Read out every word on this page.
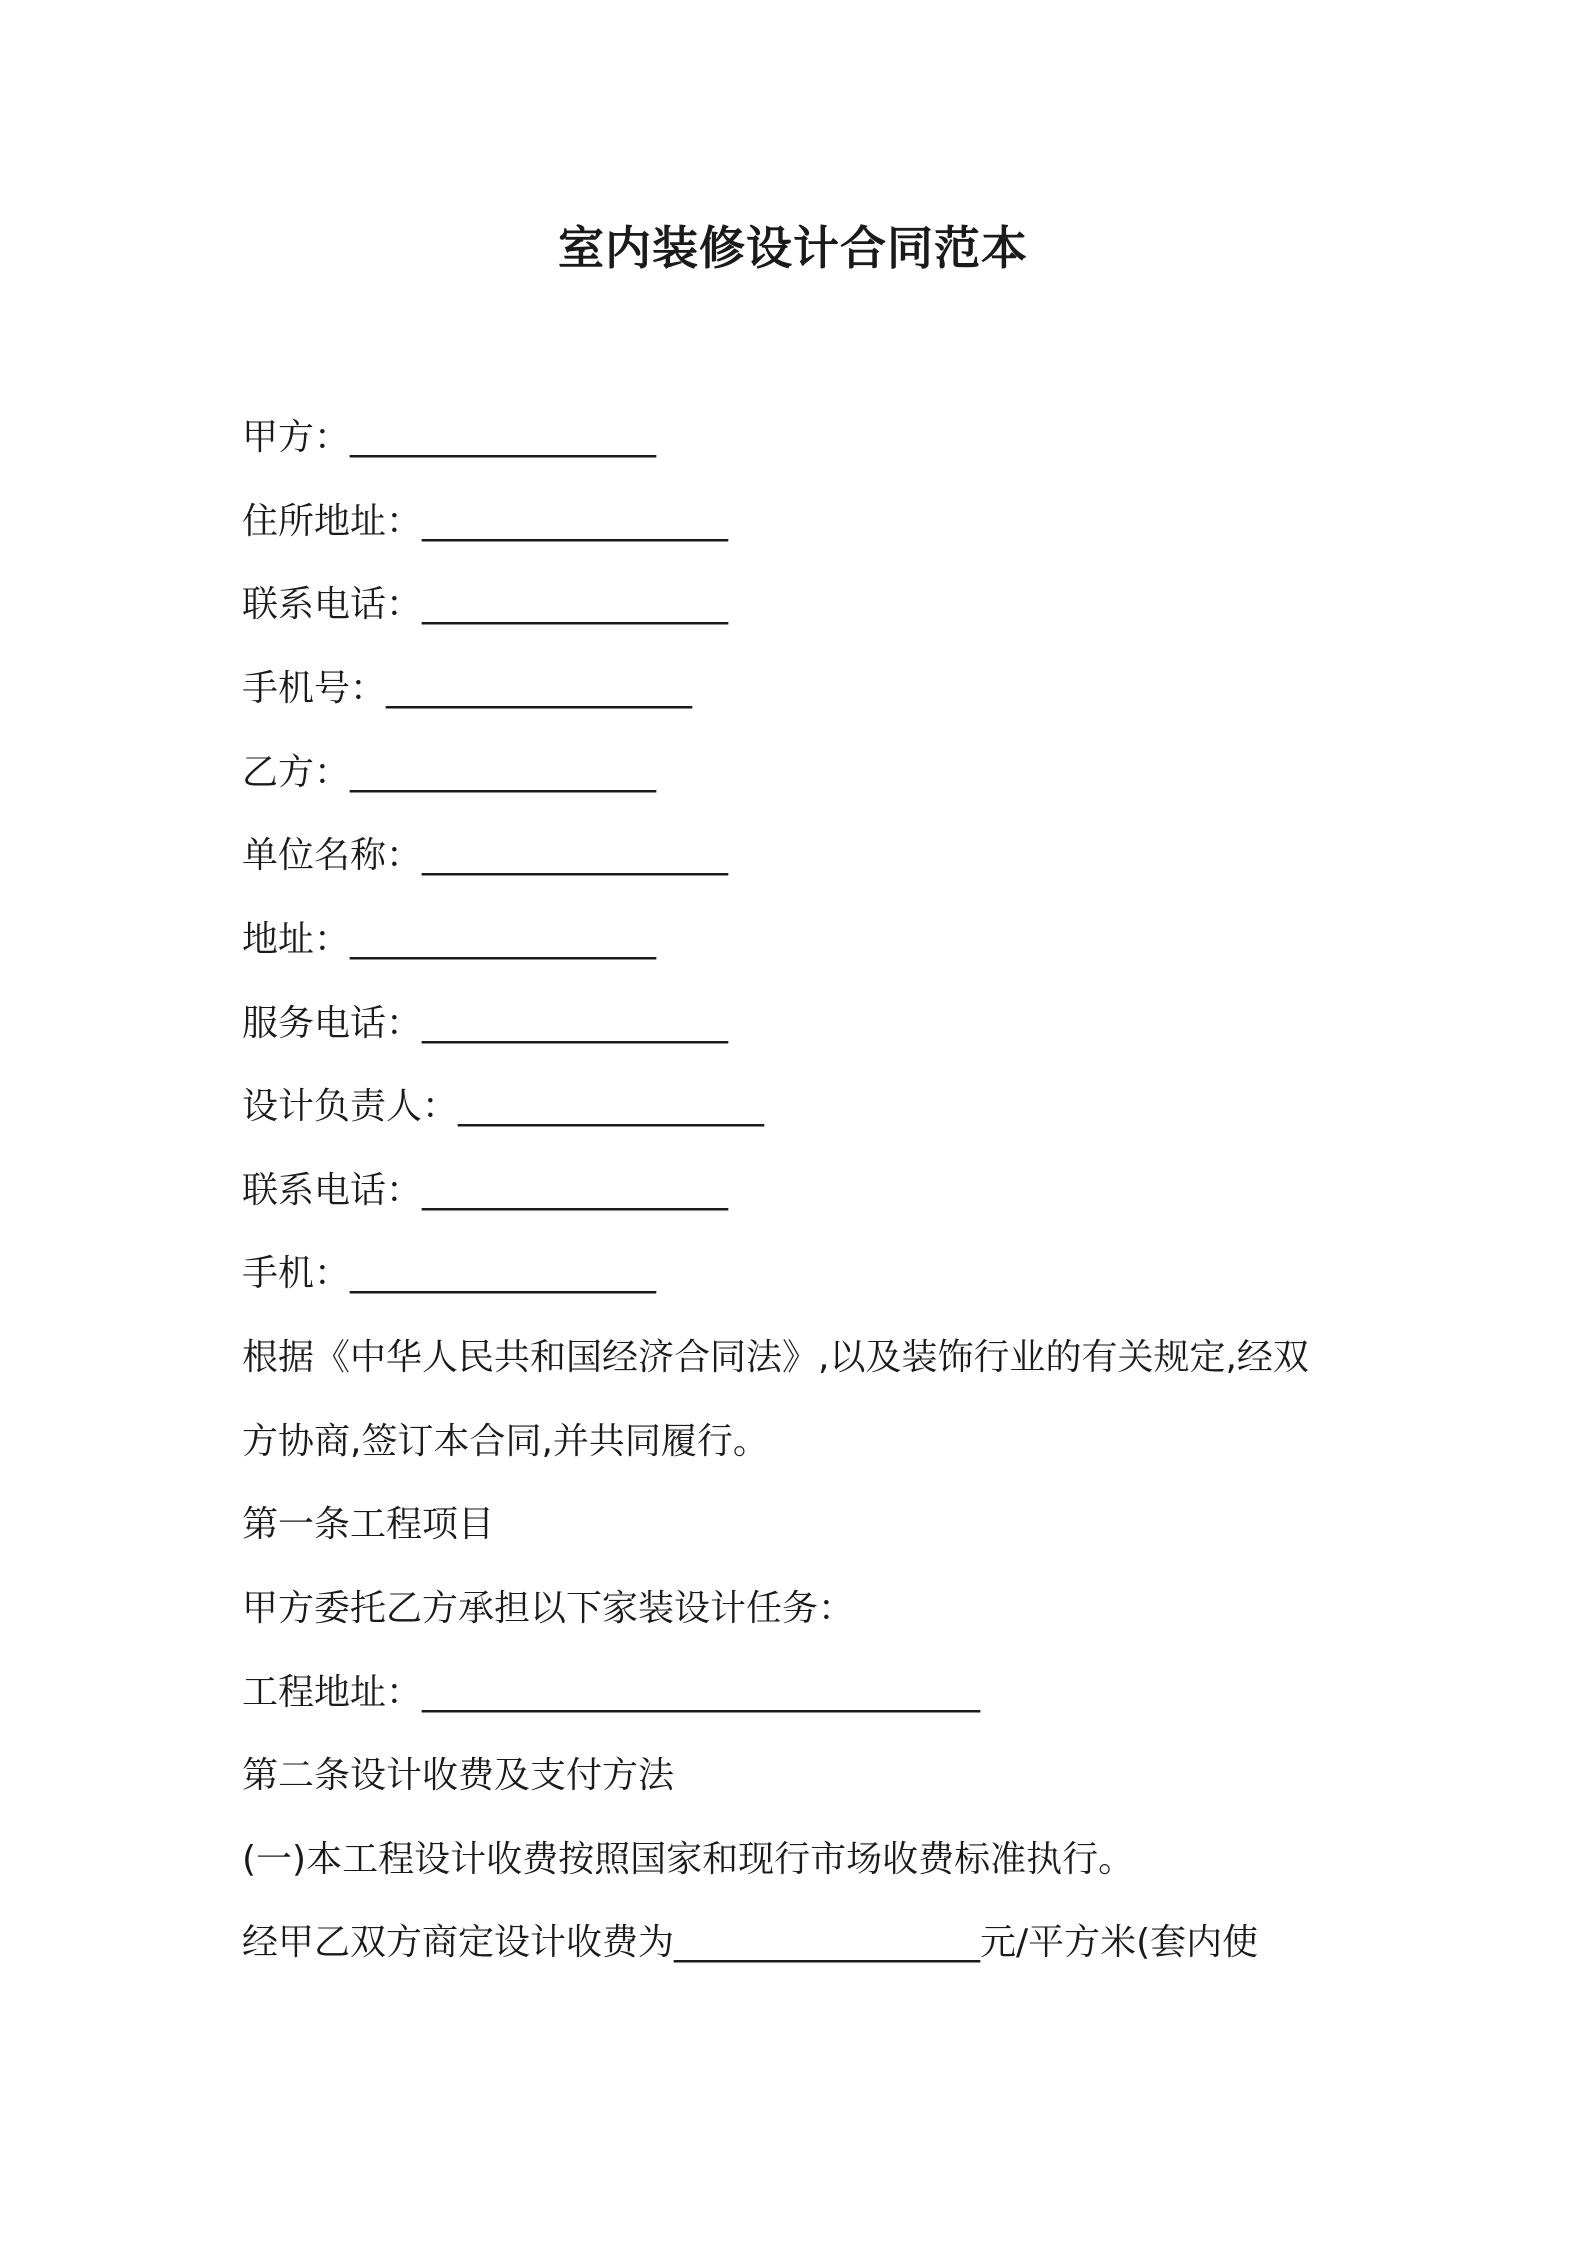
室内装修设计合同范本

甲方：_________________

住所地址：_________________

联系电话：_________________

手机号：_________________

乙方：_________________

单位名称：_________________

地址：_________________

服务电话：_________________

设计负责人：_________________

联系电话：_________________

手机：_________________

根据《中华人民共和国经济合同法》,以及装饰行业的有关规定,经双

方协商,签订本合同,并共同履行。

第一条工程项目

甲方委托乙方承担以下家装设计任务：

工程地址：_______________________________

第二条设计收费及支付方法

(一)本工程设计收费按照国家和现行市场收费标准执行。

经甲乙双方商定设计收费为_________________元/平方米(套内使
